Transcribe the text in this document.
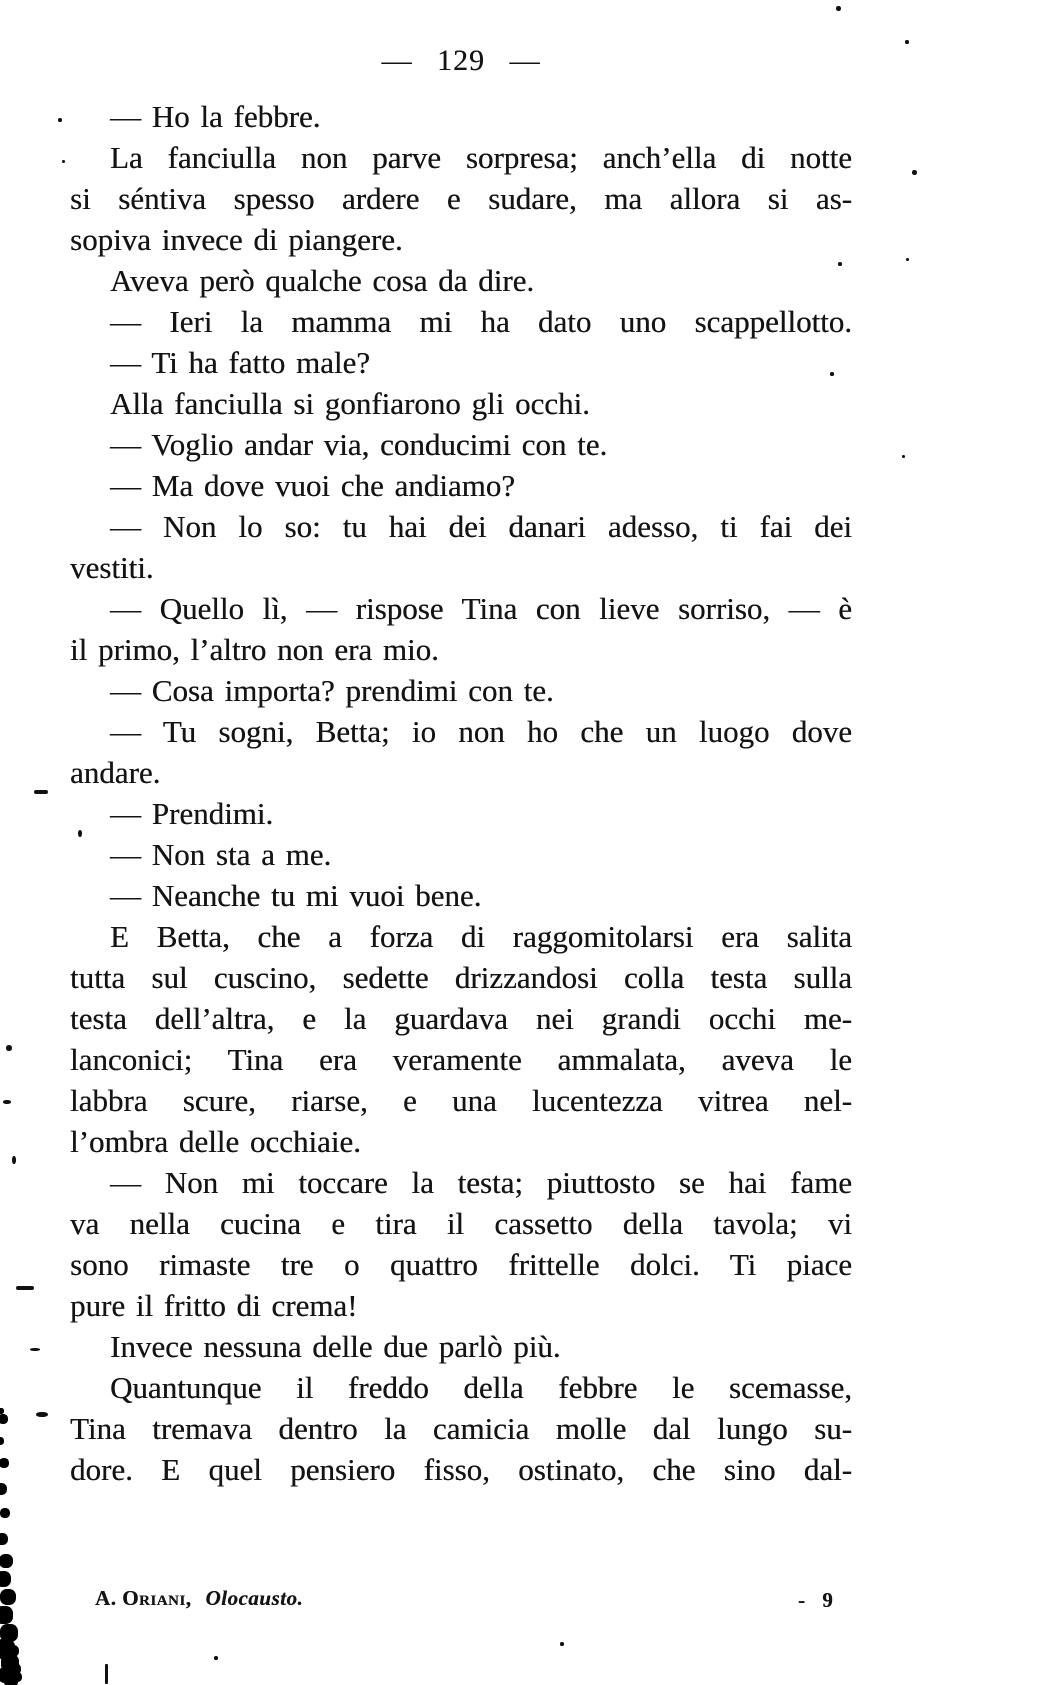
— 129 —
— Ho la febbre.
La fanciulla non parve sorpresa; anch’ella di notte
si séntiva spesso ardere e sudare, ma allora si as-
sopiva invece di piangere.
Aveva però qualche cosa da dire.
— Ieri la mamma mi ha dato uno scappellotto.
— Ti ha fatto male?
Alla fanciulla si gonfiarono gli occhi.
— Voglio andar via, conducimi con te.
— Ma dove vuoi che andiamo?
— Non lo so: tu hai dei danari adesso, ti fai dei
vestiti.
— Quello lì, — rispose Tina con lieve sorriso, — è
il primo, l’altro non era mio.
— Cosa importa? prendimi con te.
— Tu sogni, Betta; io non ho che un luogo dove
andare.
— Prendimi.
— Non sta a me.
— Neanche tu mi vuoi bene.
E Betta, che a forza di raggomitolarsi era salita
tutta sul cuscino, sedette drizzandosi colla testa sulla
testa dell’altra, e la guardava nei grandi occhi me-
lanconici; Tina era veramente ammalata, aveva le
labbra scure, riarse, e una lucentezza vitrea nel-
l’ombra delle occhiaie.
— Non mi toccare la testa; piuttosto se hai fame
va nella cucina e tira il cassetto della tavola; vi
sono rimaste tre o quattro frittelle dolci. Ti piace
pure il fritto di crema!
Invece nessuna delle due parlò più.
Quantunque il freddo della febbre le scemasse,
Tina tremava dentro la camicia molle dal lungo su-
dore. E quel pensiero fisso, ostinato, che sino dal-
A. Oriani, Olocausto.	- 9
